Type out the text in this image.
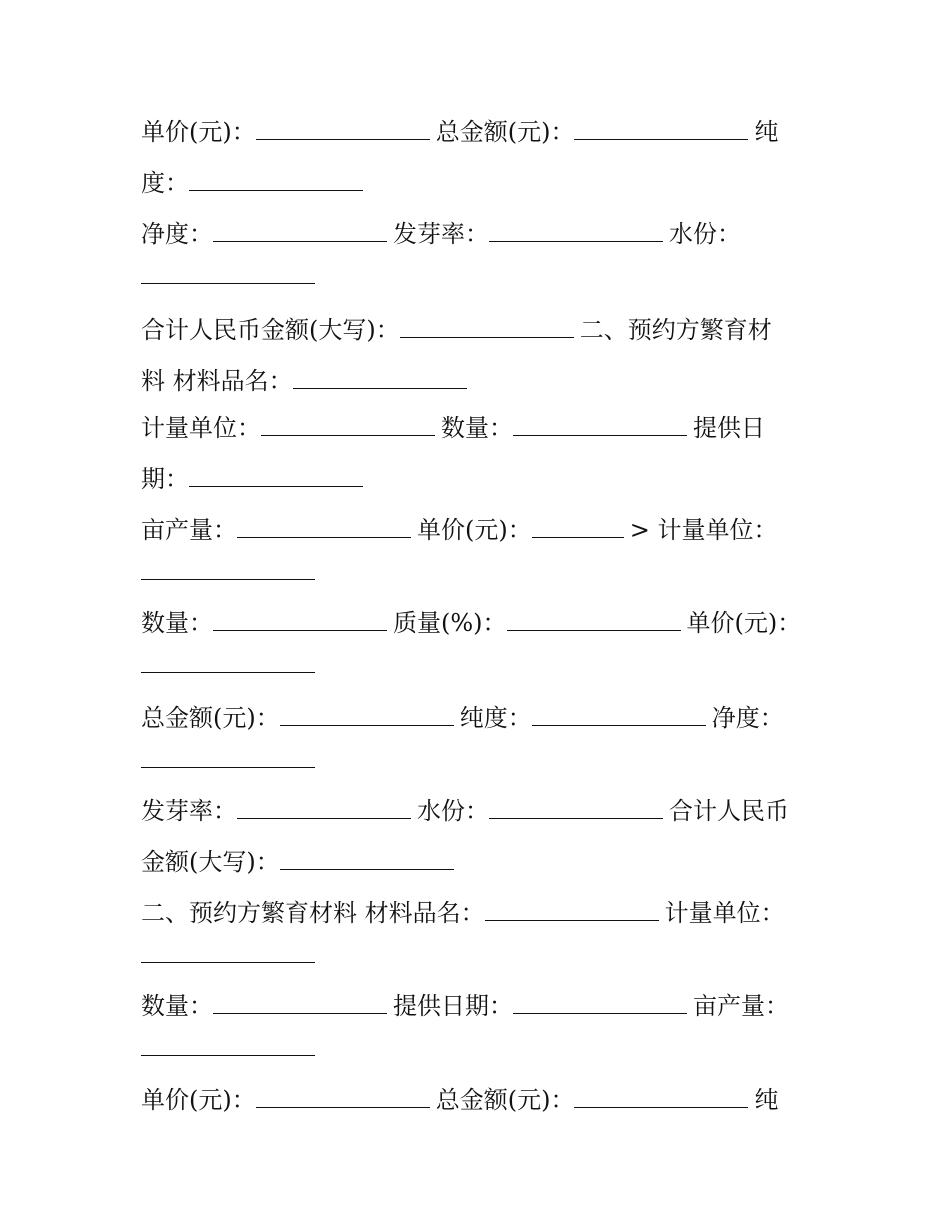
单价(元)：	总金额(元)：	纯
度：
净度：	发芽率：	水份：
合计人民币金额(大写)：	二、预约方繁育材
料 材料品名：
计量单位：	数量：	提供日
期：
亩产量：	单价(元)：	> 计量单位：
数量：	质量(%)：	单价(元)：
总金额(元)：	纯度：	净度：
发芽率：	水份：	合计人民币
金额(大写)：
二、预约方繁育材料 材料品名：	计量单位：
数量：	提供日期：	亩产量：
单价(元)：	总金额(元)：	纯
